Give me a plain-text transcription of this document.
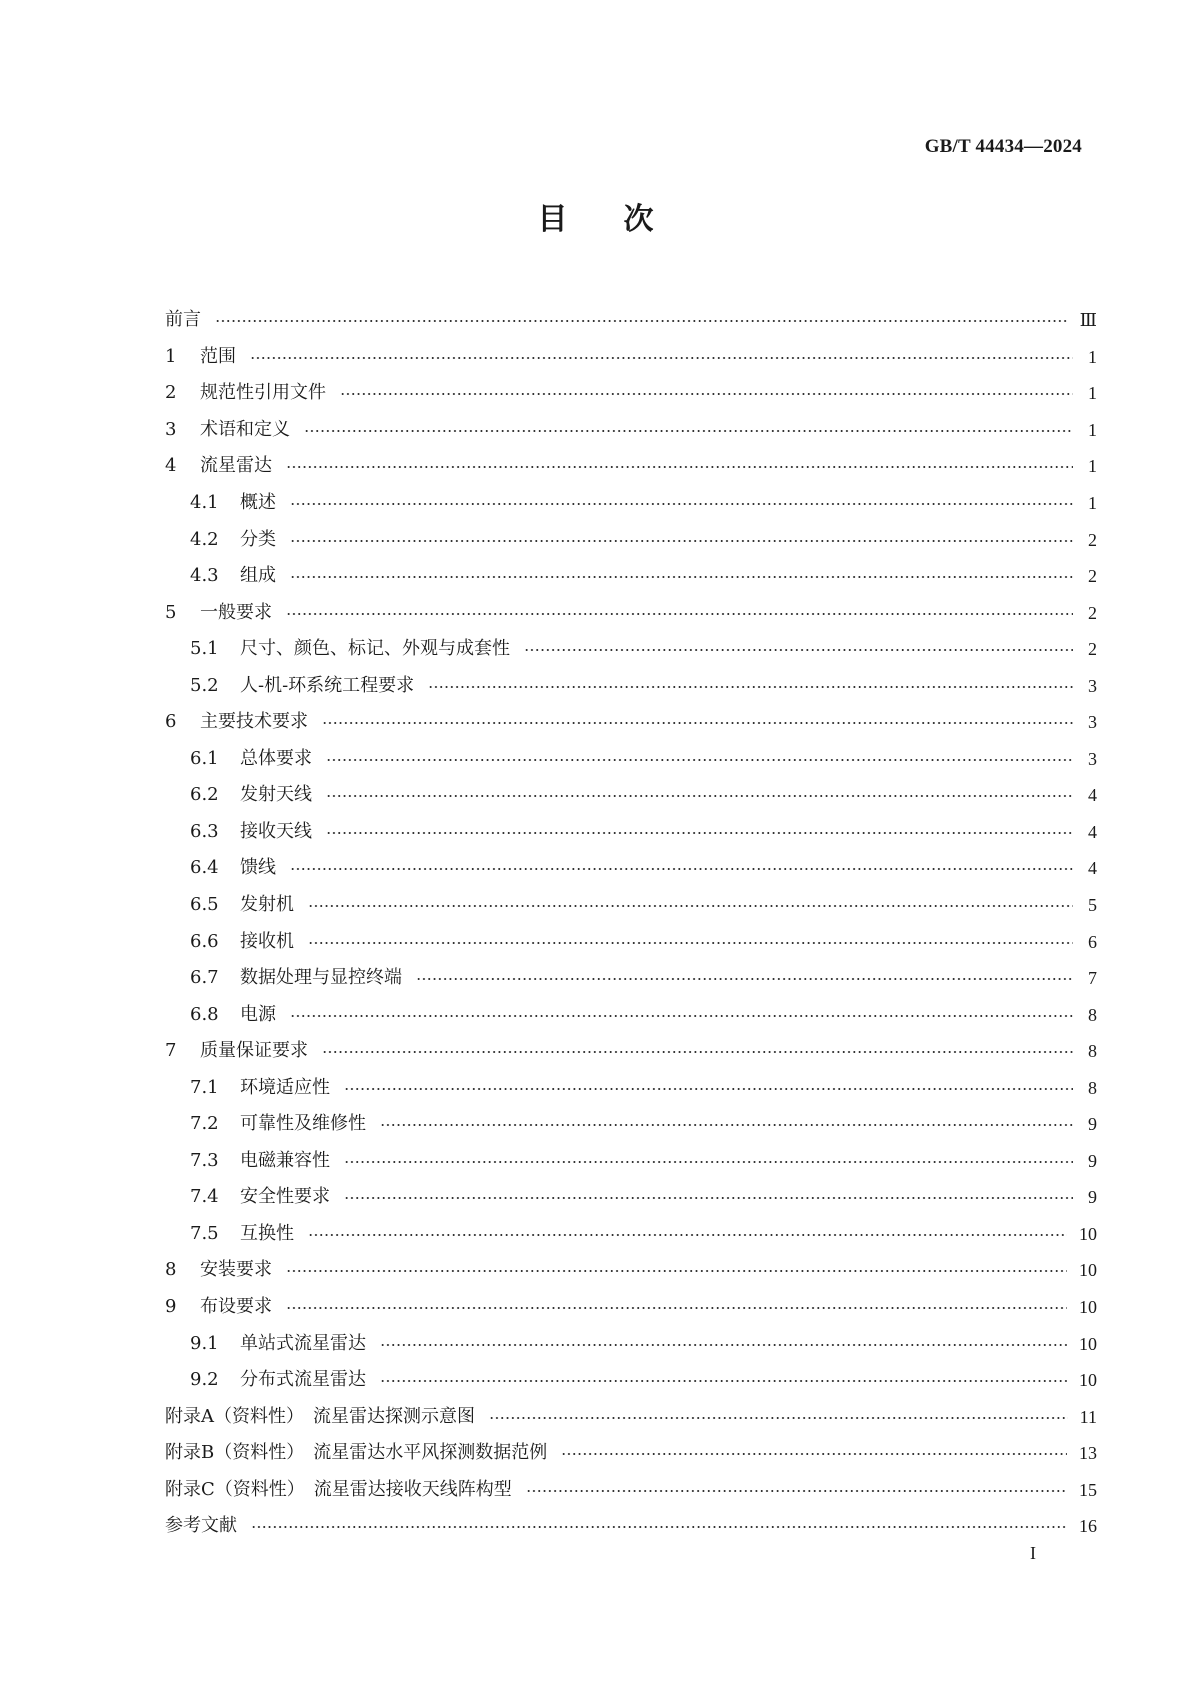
GB/T 44434—2024
目 次
前言	Ⅲ
1	范围	1
2	规范性引用文件	1
3	术语和定义	1
4	流星雷达	1
4.1	概述	1
4.2	分类	2
4.3	组成	2
5	一般要求	2
5.1	尺寸、颜色、标记、外观与成套性	2
5.2	人-机-环系统工程要求	3
6	主要技术要求	3
6.1	总体要求	3
6.2	发射天线	4
6.3	接收天线	4
6.4	馈线	4
6.5	发射机	5
6.6	接收机	6
6.7	数据处理与显控终端	7
6.8	电源	8
7	质量保证要求	8
7.1	环境适应性	8
7.2	可靠性及维修性	9
7.3	电磁兼容性	9
7.4	安全性要求	9
7.5	互换性	10
8	安装要求	10
9	布设要求	10
9.1	单站式流星雷达	10
9.2	分布式流星雷达	10
附录A（资料性）　流星雷达探测示意图	11
附录B（资料性）　流星雷达水平风探测数据范例	13
附录C（资料性）　流星雷达接收天线阵构型	15
参考文献	16
I
